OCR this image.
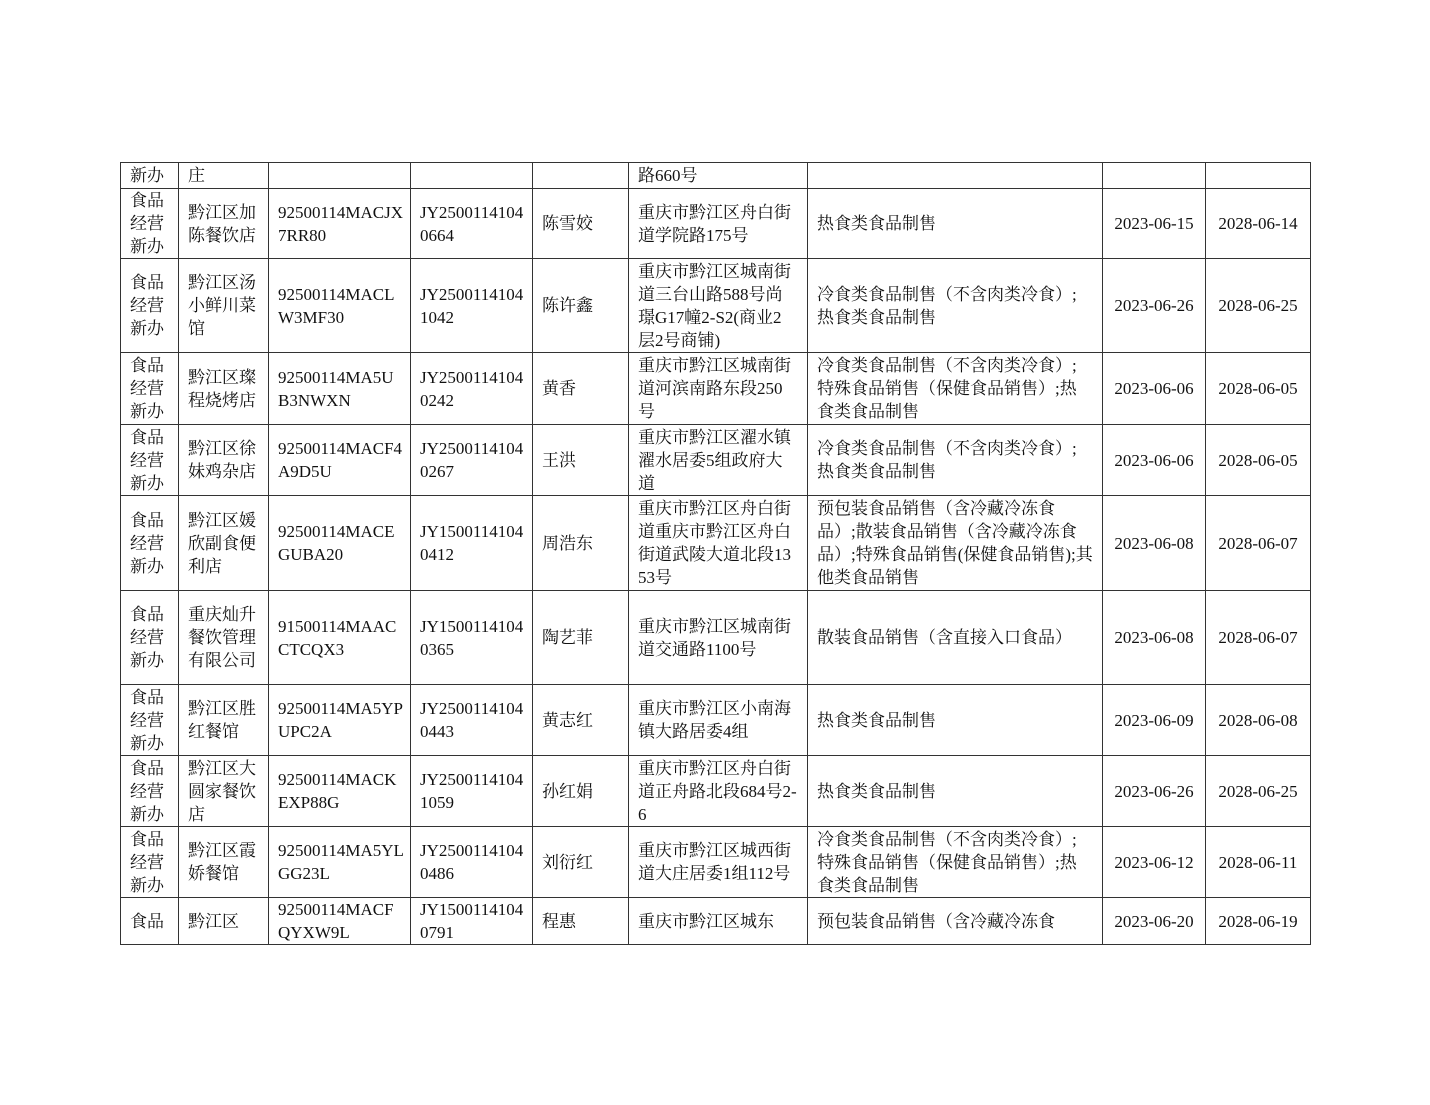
新办	庄				路660号			
食品经营新办	黔江区加陈餐饮店	92500114MACJX7RR80	JY25001141040664	陈雪姣	重庆市黔江区舟白街道学院路175号	热食类食品制售	2023-06-15	2028-06-14
食品经营新办	黔江区汤小鲜川菜馆	92500114MACLW3MF30	JY25001141041042	陈许鑫	重庆市黔江区城南街道三台山路588号尚璟G17幢2-S2(商业2层2号商铺)	冷食类食品制售（不含肉类冷食）;热食类食品制售	2023-06-26	2028-06-25
食品经营新办	黔江区璨程烧烤店	92500114MA5UB3NWXN	JY25001141040242	黄香	重庆市黔江区城南街道河滨南路东段250号	冷食类食品制售（不含肉类冷食）;特殊食品销售（保健食品销售）;热食类食品制售	2023-06-06	2028-06-05
食品经营新办	黔江区徐妹鸡杂店	92500114MACF4A9D5U	JY25001141040267	王洪	重庆市黔江区濯水镇濯水居委5组政府大道	冷食类食品制售（不含肉类冷食）;热食类食品制售	2023-06-06	2028-06-05
食品经营新办	黔江区媛欣副食便利店	92500114MACEGUBA20	JY15001141040412	周浩东	重庆市黔江区舟白街道重庆市黔江区舟白街道武陵大道北段1353号	预包装食品销售（含冷藏冷冻食品）;散装食品销售（含冷藏冷冻食品）;特殊食品销售(保健食品销售);其他类食品销售	2023-06-08	2028-06-07
食品经营新办	重庆灿升餐饮管理有限公司	91500114MAACCTCQX3	JY15001141040365	陶艺菲	重庆市黔江区城南街道交通路1100号	散装食品销售（含直接入口食品）	2023-06-08	2028-06-07
食品经营新办	黔江区胜红餐馆	92500114MA5YPUPC2A	JY25001141040443	黄志红	重庆市黔江区小南海镇大路居委4组	热食类食品制售	2023-06-09	2028-06-08
食品经营新办	黔江区大圆家餐饮店	92500114MACKEXP88G	JY25001141041059	孙红娟	重庆市黔江区舟白街道正舟路北段684号2-6	热食类食品制售	2023-06-26	2028-06-25
食品经营新办	黔江区霞娇餐馆	92500114MA5YLGG23L	JY25001141040486	刘衍红	重庆市黔江区城西街道大庄居委1组112号	冷食类食品制售（不含肉类冷食）;特殊食品销售（保健食品销售）;热食类食品制售	2023-06-12	2028-06-11
食品	黔江区	92500114MACFQYXW9L	JY15001141040791	程惠	重庆市黔江区城东	预包装食品销售（含冷藏冷冻食	2023-06-20	2028-06-19
